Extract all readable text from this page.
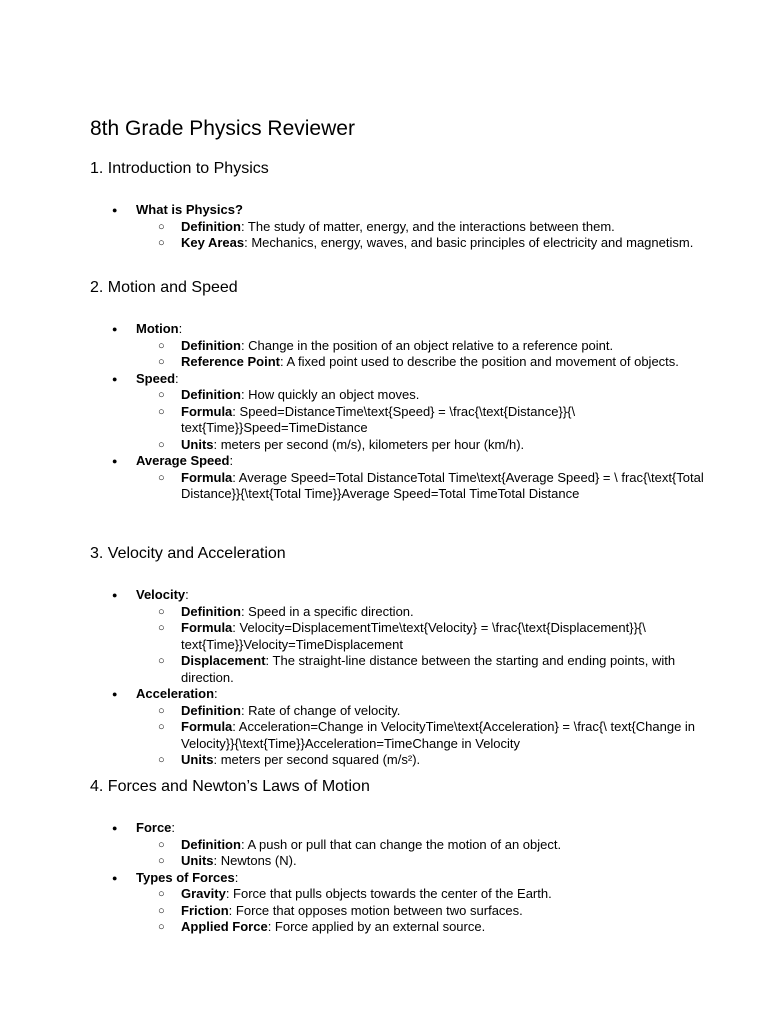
8th Grade Physics Reviewer
1. Introduction to Physics
● What is Physics?
○ Definition: The study of matter, energy, and the interactions between them.
○ Key Areas: Mechanics, energy, waves, and basic principles of electricity and magnetism.
2. Motion and Speed
● Motion:
○ Definition: Change in the position of an object relative to a reference point.
○ Reference Point: A fixed point used to describe the position and movement of objects.
● Speed:
○ Definition: How quickly an object moves.
○ Formula: Speed=DistanceTime\text{Speed} = \frac{\text{Distance}}{\ text{Time}}Speed=TimeDistance
○ Units: meters per second (m/s), kilometers per hour (km/h).
● Average Speed:
○ Formula: Average Speed=Total DistanceTotal Time\text{Average Speed} = \ frac{\text{Total Distance}}{\text{Total Time}}Average Speed=Total TimeTotal Distance
3. Velocity and Acceleration
● Velocity:
○ Definition: Speed in a specific direction.
○ Formula: Velocity=DisplacementTime\text{Velocity} = \frac{\text{Displacement}}{\ text{Time}}Velocity=TimeDisplacement
○ Displacement: The straight-line distance between the starting and ending points, with direction.
● Acceleration:
○ Definition: Rate of change of velocity.
○ Formula: Acceleration=Change in VelocityTime\text{Acceleration} = \frac{\ text{Change in Velocity}}{\text{Time}}Acceleration=TimeChange in Velocity
○ Units: meters per second squared (m/s²).
4. Forces and Newton’s Laws of Motion
● Force:
○ Definition: A push or pull that can change the motion of an object.
○ Units: Newtons (N).
● Types of Forces:
○ Gravity: Force that pulls objects towards the center of the Earth.
○ Friction: Force that opposes motion between two surfaces.
○ Applied Force: Force applied by an external source.
